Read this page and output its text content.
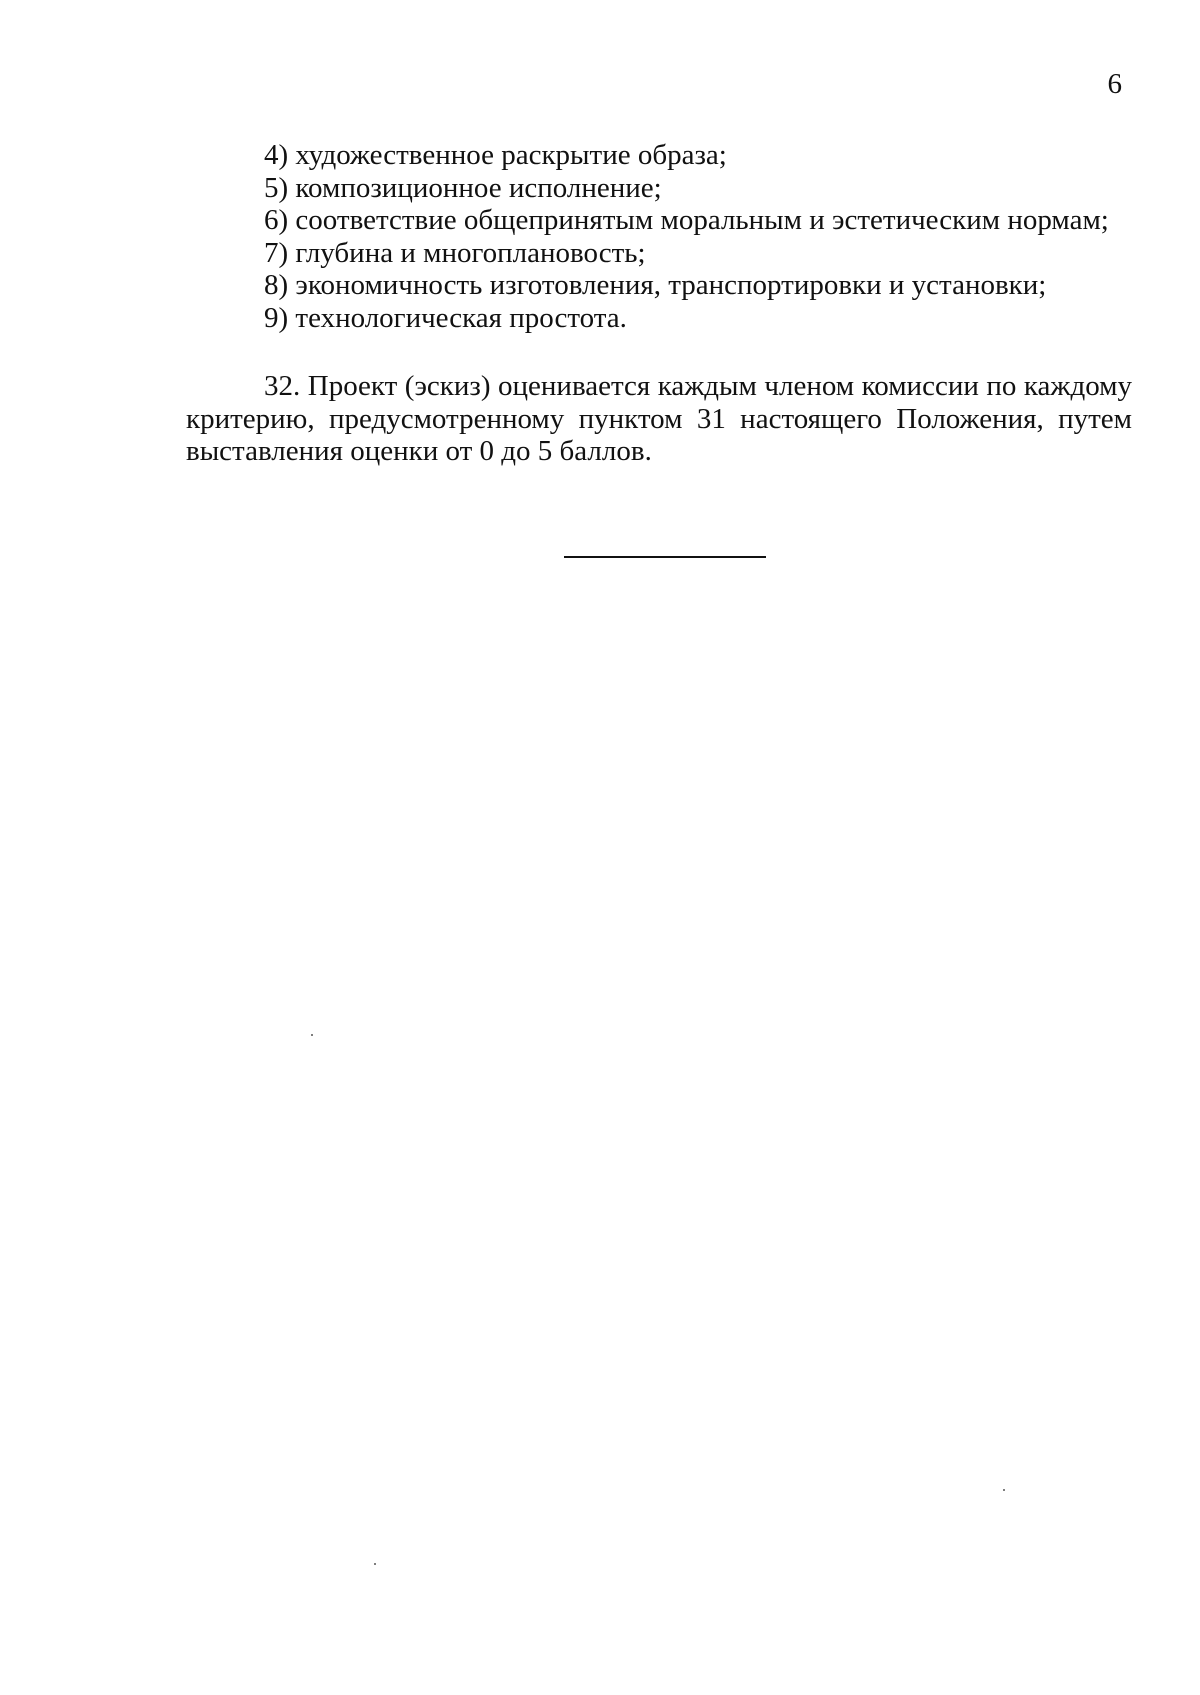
6
4) художественное раскрытие образа;
5) композиционное исполнение;
6) соответствие общепринятым моральным и эстетическим нормам;
7) глубина и многоплановость;
8) экономичность изготовления, транспортировки и установки;
9) технологическая простота.

32. Проект (эскиз) оценивается каждым членом комиссии по каждому критерию, предусмотренному пунктом 31 настоящего Положения, путем выставления оценки от 0 до 5 баллов.
